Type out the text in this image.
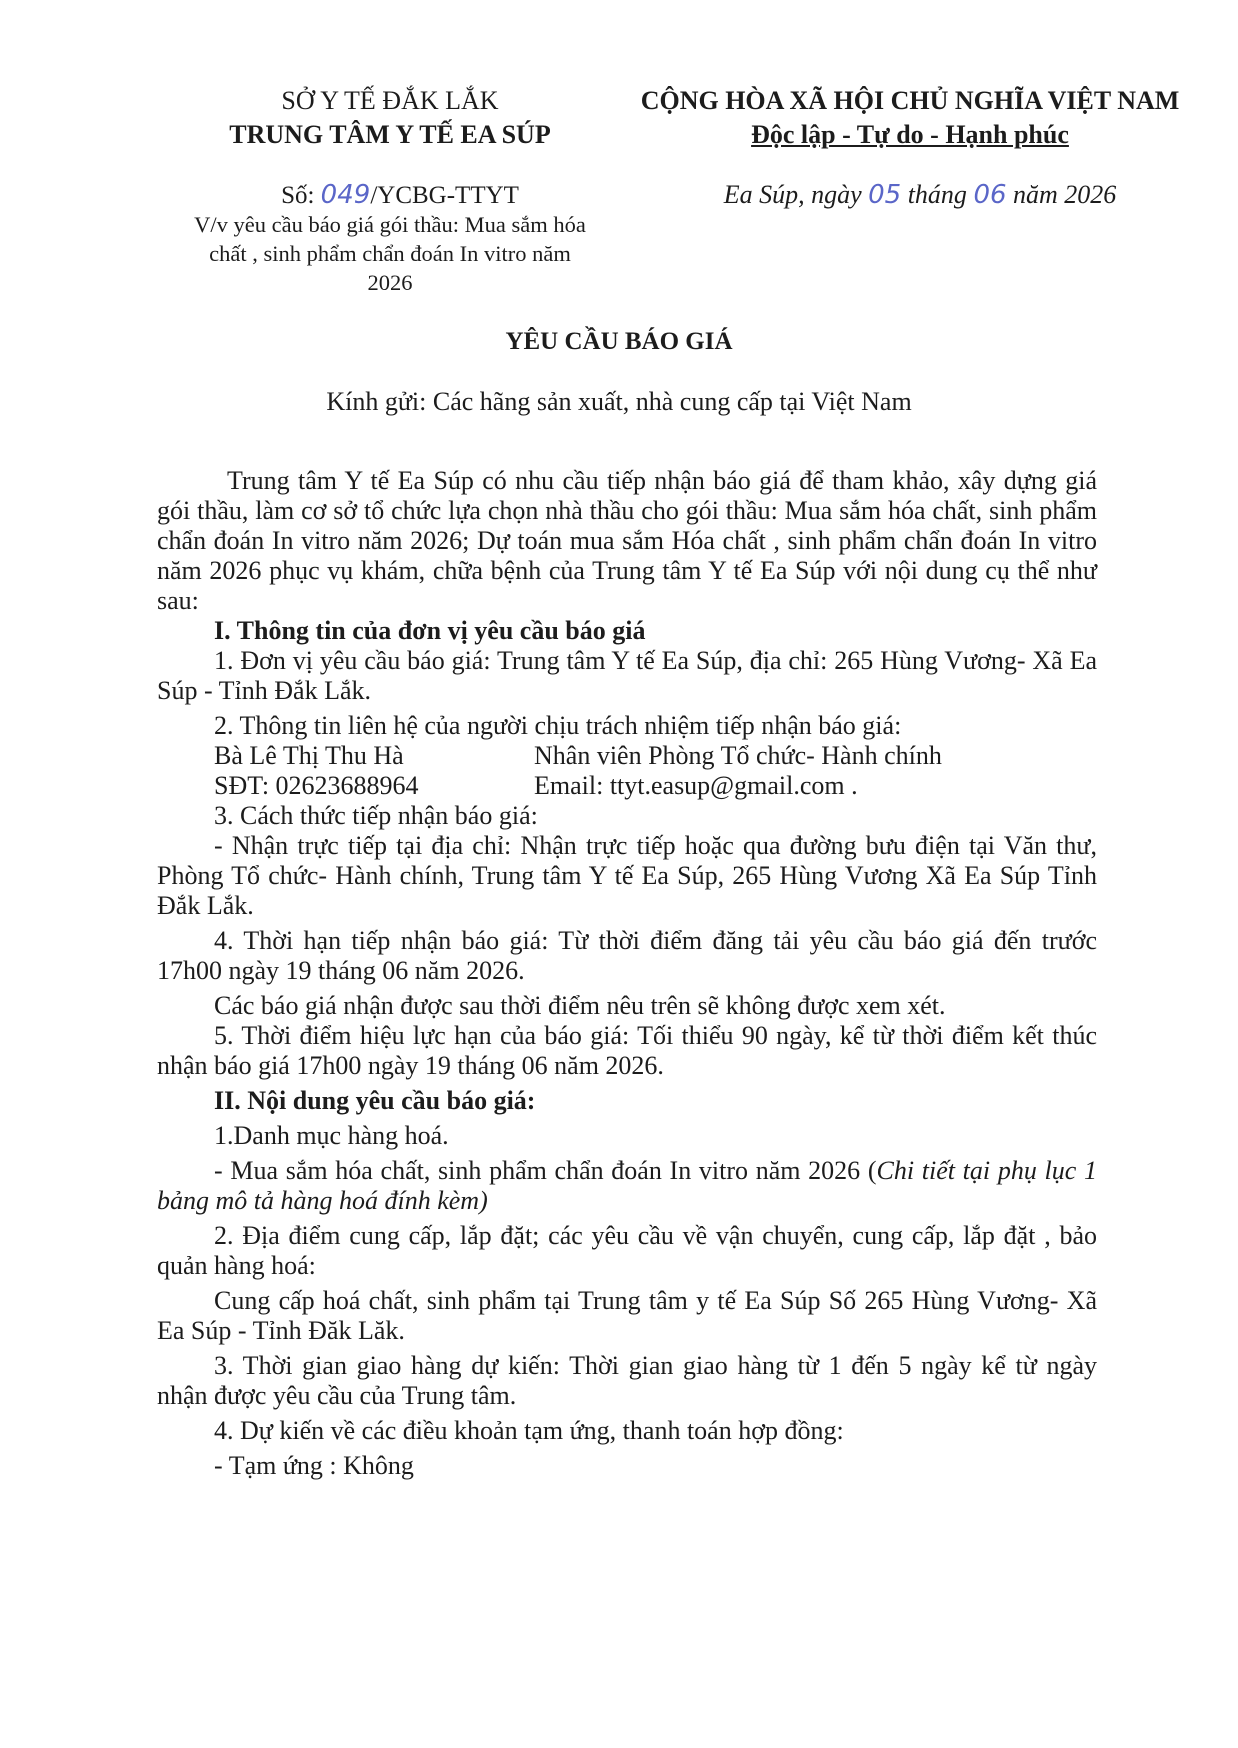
SỞ Y TẾ ĐẮK LẮK
TRUNG TÂM Y TẾ EA SÚP
CỘNG HÒA XÃ HỘI CHỦ NGHĨA VIỆT NAM
Độc lập - Tự do - Hạnh phúc
Số: 049/YCBG-TTYT
V/v yêu cầu báo giá gói thầu: Mua sắm hóa
chất , sinh phẩm chẩn đoán In vitro năm
2026
Ea Súp, ngày 05 tháng 06 năm 2026
YÊU CẦU BÁO GIÁ
Kính gửi: Các hãng sản xuất, nhà cung cấp tại Việt Nam

Trung tâm Y tế Ea Súp có nhu cầu tiếp nhận báo giá để tham khảo, xây dựng giá gói thầu, làm cơ sở tổ chức lựa chọn nhà thầu cho gói thầu: Mua sắm hóa chất, sinh phẩm chẩn đoán In vitro năm 2026; Dự toán mua sắm Hóa chất , sinh phẩm chẩn đoán In vitro năm 2026 phục vụ khám, chữa bệnh của Trung tâm Y tế Ea Súp với nội dung cụ thể như sau:

I. Thông tin của đơn vị yêu cầu báo giá

1. Đơn vị yêu cầu báo giá: Trung tâm Y tế Ea Súp, địa chỉ: 265 Hùng Vương- Xã Ea Súp - Tỉnh Đắk Lắk.

2. Thông tin liên hệ của người chịu trách nhiệm tiếp nhận báo giá:

Bà Lê Thị Thu Hà	Nhân viên Phòng Tổ chức- Hành chính
SĐT: 02623688964	Email: ttyt.easup@gmail.com .

3. Cách thức tiếp nhận báo giá:

- Nhận trực tiếp tại địa chỉ: Nhận trực tiếp hoặc qua đường bưu điện tại Văn thư, Phòng Tổ chức- Hành chính, Trung tâm Y tế Ea Súp, 265 Hùng Vương Xã Ea Súp Tỉnh Đắk Lắk.

4. Thời hạn tiếp nhận báo giá: Từ thời điểm đăng tải yêu cầu báo giá đến trước 17h00 ngày 19 tháng 06 năm 2026.

Các báo giá nhận được sau thời điểm nêu trên sẽ không được xem xét.

5. Thời điểm hiệu lực hạn của báo giá: Tối thiểu 90 ngày, kể từ thời điểm kết thúc nhận báo giá 17h00 ngày 19 tháng 06 năm 2026.

II. Nội dung yêu cầu báo giá:

1.Danh mục hàng hoá.

- Mua sắm hóa chất, sinh phẩm chẩn đoán In vitro năm 2026 (Chi tiết tại phụ lục 1 bảng mô tả hàng hoá đính kèm)

2. Địa điểm cung cấp, lắp đặt; các yêu cầu về vận chuyển, cung cấp, lắp đặt , bảo quản hàng hoá:

Cung cấp hoá chất, sinh phẩm tại Trung tâm y tế Ea Súp Số 265 Hùng Vương- Xã Ea Súp - Tỉnh Đăk Lăk.

3. Thời gian giao hàng dự kiến: Thời gian giao hàng từ 1 đến 5 ngày kể từ ngày nhận được yêu cầu của Trung tâm.

4. Dự kiến về các điều khoản tạm ứng, thanh toán hợp đồng:

- Tạm ứng : Không
